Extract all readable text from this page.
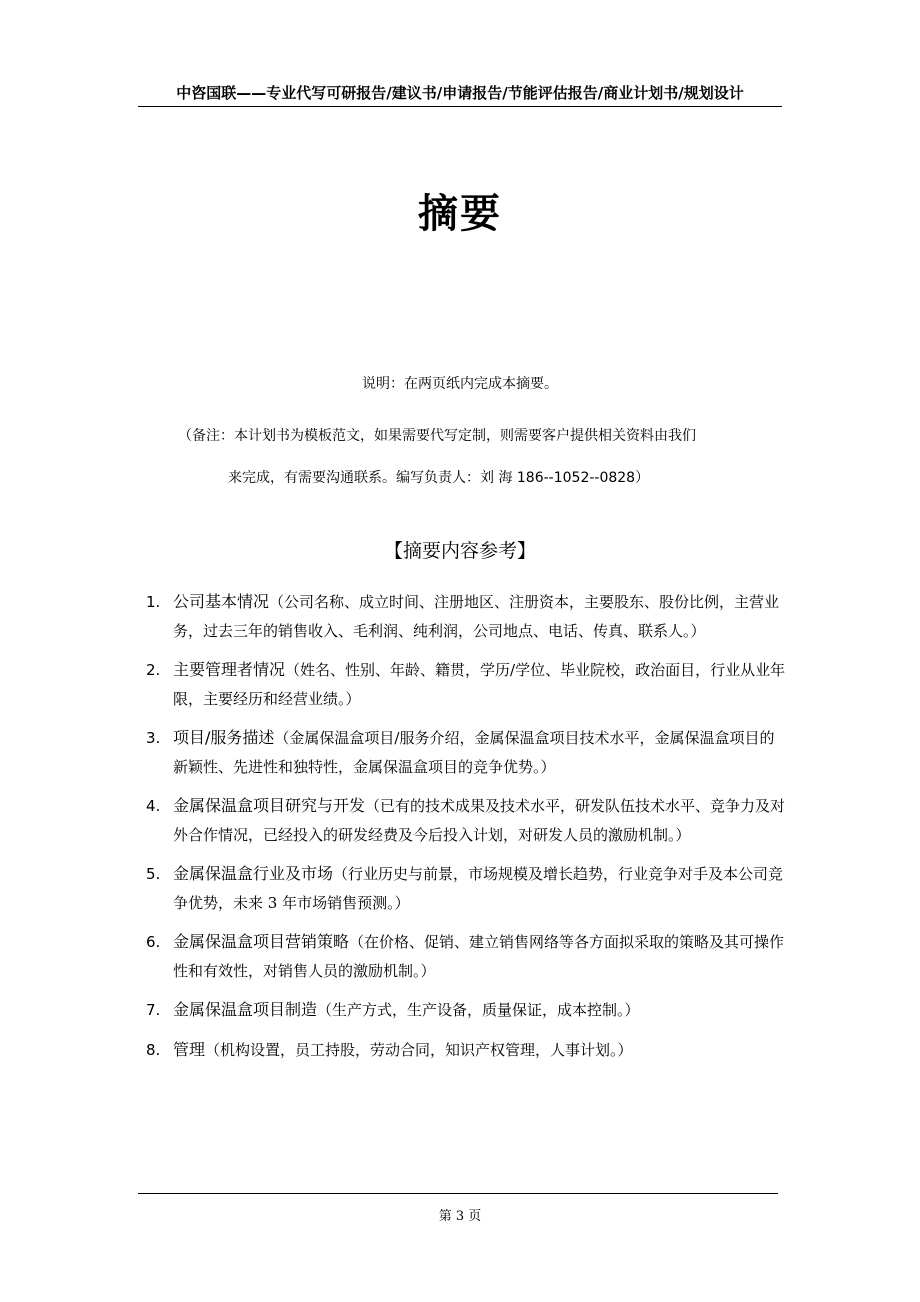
中咨国联——专业代写可研报告/建议书/申请报告/节能评估报告/商业计划书/规划设计
摘要
说明：在两页纸内完成本摘要。
（备注：本计划书为模板范文，如果需要代写定制，则需要客户提供相关资料由我们
来完成，有需要沟通联系。编写负责人：刘 海 186--1052--0828）
【摘要内容参考】
1. 公司基本情况（公司名称、成立时间、注册地区、注册资本，主要股东、股份比例，主营业务，过去三年的销售收入、毛利润、纯利润，公司地点、电话、传真、联系人。）
2. 主要管理者情况（姓名、性别、年龄、籍贯，学历/学位、毕业院校，政治面目，行业从业年限，主要经历和经营业绩。）
3. 项目/服务描述（金属保温盒项目/服务介绍，金属保温盒项目技术水平，金属保温盒项目的新颖性、先进性和独特性，金属保温盒项目的竞争优势。）
4. 金属保温盒项目研究与开发（已有的技术成果及技术水平，研发队伍技术水平、竞争力及对外合作情况，已经投入的研发经费及今后投入计划，对研发人员的激励机制。）
5. 金属保温盒行业及市场（行业历史与前景，市场规模及增长趋势，行业竞争对手及本公司竞争优势，未来 3 年市场销售预测。）
6. 金属保温盒项目营销策略（在价格、促销、建立销售网络等各方面拟采取的策略及其可操作性和有效性，对销售人员的激励机制。）
7. 金属保温盒项目制造（生产方式，生产设备，质量保证，成本控制。）
8. 管理（机构设置，员工持股，劳动合同，知识产权管理，人事计划。）
第 3 页
